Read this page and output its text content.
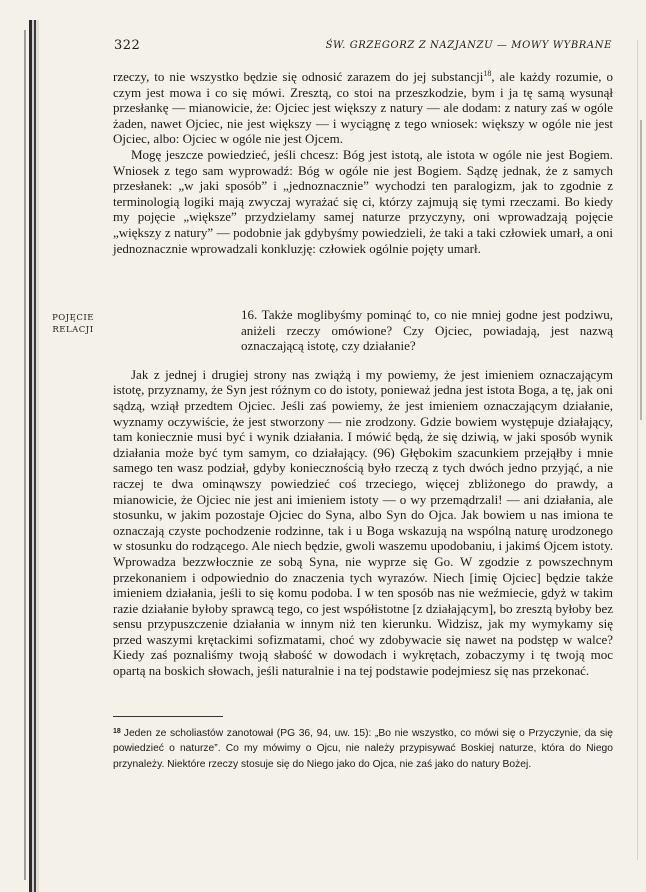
322	ŚW. GRZEGORZ Z NAZJANZU — MOWY WYBRANE

rzeczy, to nie wszystko będzie się odnosić zarazem do jej substancji$^{18}$, ale każdy rozumie, o czym jest mowa i co się mówi. Zresztą, co stoi na przeszkodzie, bym i ja tę samą wysunął przesłankę — mianowicie, że: Ojciec jest większy z natury — ale dodam: z natury zaś w ogóle żaden, nawet Ojciec, nie jest większy — i wyciągnę z tego wniosek: większy w ogóle nie jest Ojciec, albo: Ojciec w ogóle nie jest Ojcem.

Mogę jeszcze powiedzieć, jeśli chcesz: Bóg jest istotą, ale istota w ogóle nie jest Bogiem. Wniosek z tego sam wyprowadź: Bóg w ogóle nie jest Bogiem. Sądzę jednak, że z samych przesłanek: „w jaki sposób” i „jednoznacznie” wychodzi ten paralogizm, jak to zgodnie z terminologią logiki mają zwyczaj wyrażać się ci, którzy zajmują się tymi rzeczami. Bo kiedy my pojęcie „większe” przydzielamy samej naturze przyczyny, oni wprowadzają pojęcie „większy z natury” — podobnie jak gdybyśmy powiedzieli, że taki a taki człowiek umarł, a oni jednoznacznie wprowadzali konkluzję: człowiek ogólnie pojęty umarł.

POJĘCIE RELACJI

16. Także moglibyśmy pominąć to, co nie mniej godne jest podziwu, aniżeli rzeczy omówione? Czy Ojciec, powiadają, jest nazwą oznaczającą istotę, czy działanie?

Jak z jednej i drugiej strony nas zwiążą i my powiemy, że jest imieniem oznaczającym istotę, przyznamy, że Syn jest różnym co do istoty, ponieważ jedna jest istota Boga, a tę, jak oni sądzą, wziął przedtem Ojciec. Jeśli zaś powiemy, że jest imieniem oznaczającym działanie, wyznamy oczywiście, że jest stworzony — nie zrodzony. Gdzie bowiem występuje działający, tam koniecznie musi być i wynik działania. I mówić będą, że się dziwią, w jaki sposób wynik działania może być tym samym, co działający. (96) Głębokim szacunkiem przejąłby i mnie samego ten wasz podział, gdyby koniecznością było rzeczą z tych dwóch jedno przyjąć, a nie raczej te dwa ominąwszy powiedzieć coś trzeciego, więcej zbliżonego do prawdy, a mianowicie, że Ojciec nie jest ani imieniem istoty — o wy przemądrzali! — ani działania, ale stosunku, w jakim pozostaje Ojciec do Syna, albo Syn do Ojca. Jak bowiem u nas imiona te oznaczają czyste pochodzenie rodzinne, tak i u Boga wskazują na wspólną naturę urodzonego w stosunku do rodzącego. Ale niech będzie, gwoli waszemu upodobaniu, i jakimś Ojcem istoty. Wprowadza bezzwłocznie ze sobą Syna, nie wyprze się Go. W zgodzie z powszechnym przekonaniem i odpowiednio do znaczenia tych wyrazów. Niech [imię Ojciec] będzie także imieniem działania, jeśli to się komu podoba. I w ten sposób nas nie weźmiecie, gdyż w takim razie działanie byłoby sprawcą tego, co jest współistotne [z działającym], bo zresztą byłoby bez sensu przypuszczenie działania w innym niż ten kierunku. Widzisz, jak my wymykamy się przed waszymi krętackimi sofizmatami, choć wy zdobywacie się nawet na podstęp w walce? Kiedy zaś poznaliśmy twoją słabość w dowodach i wykrętach, zobaczymy i tę twoją moc opartą na boskich słowach, jeśli naturalnie i na tej podstawie podejmiesz się nas przekonać.

$^{18}$ Jeden ze scholiastów zanotował (PG 36, 94, uw. 15): „Bo nie wszystko, co mówi się o Przyczynie, da się powiedzieć o naturze”. Co my mówimy o Ojcu, nie należy przypisywać Boskiej naturze, która do Niego przynależy. Niektóre rzeczy stosuje się do Niego jako do Ojca, nie zaś jako do natury Bożej.
